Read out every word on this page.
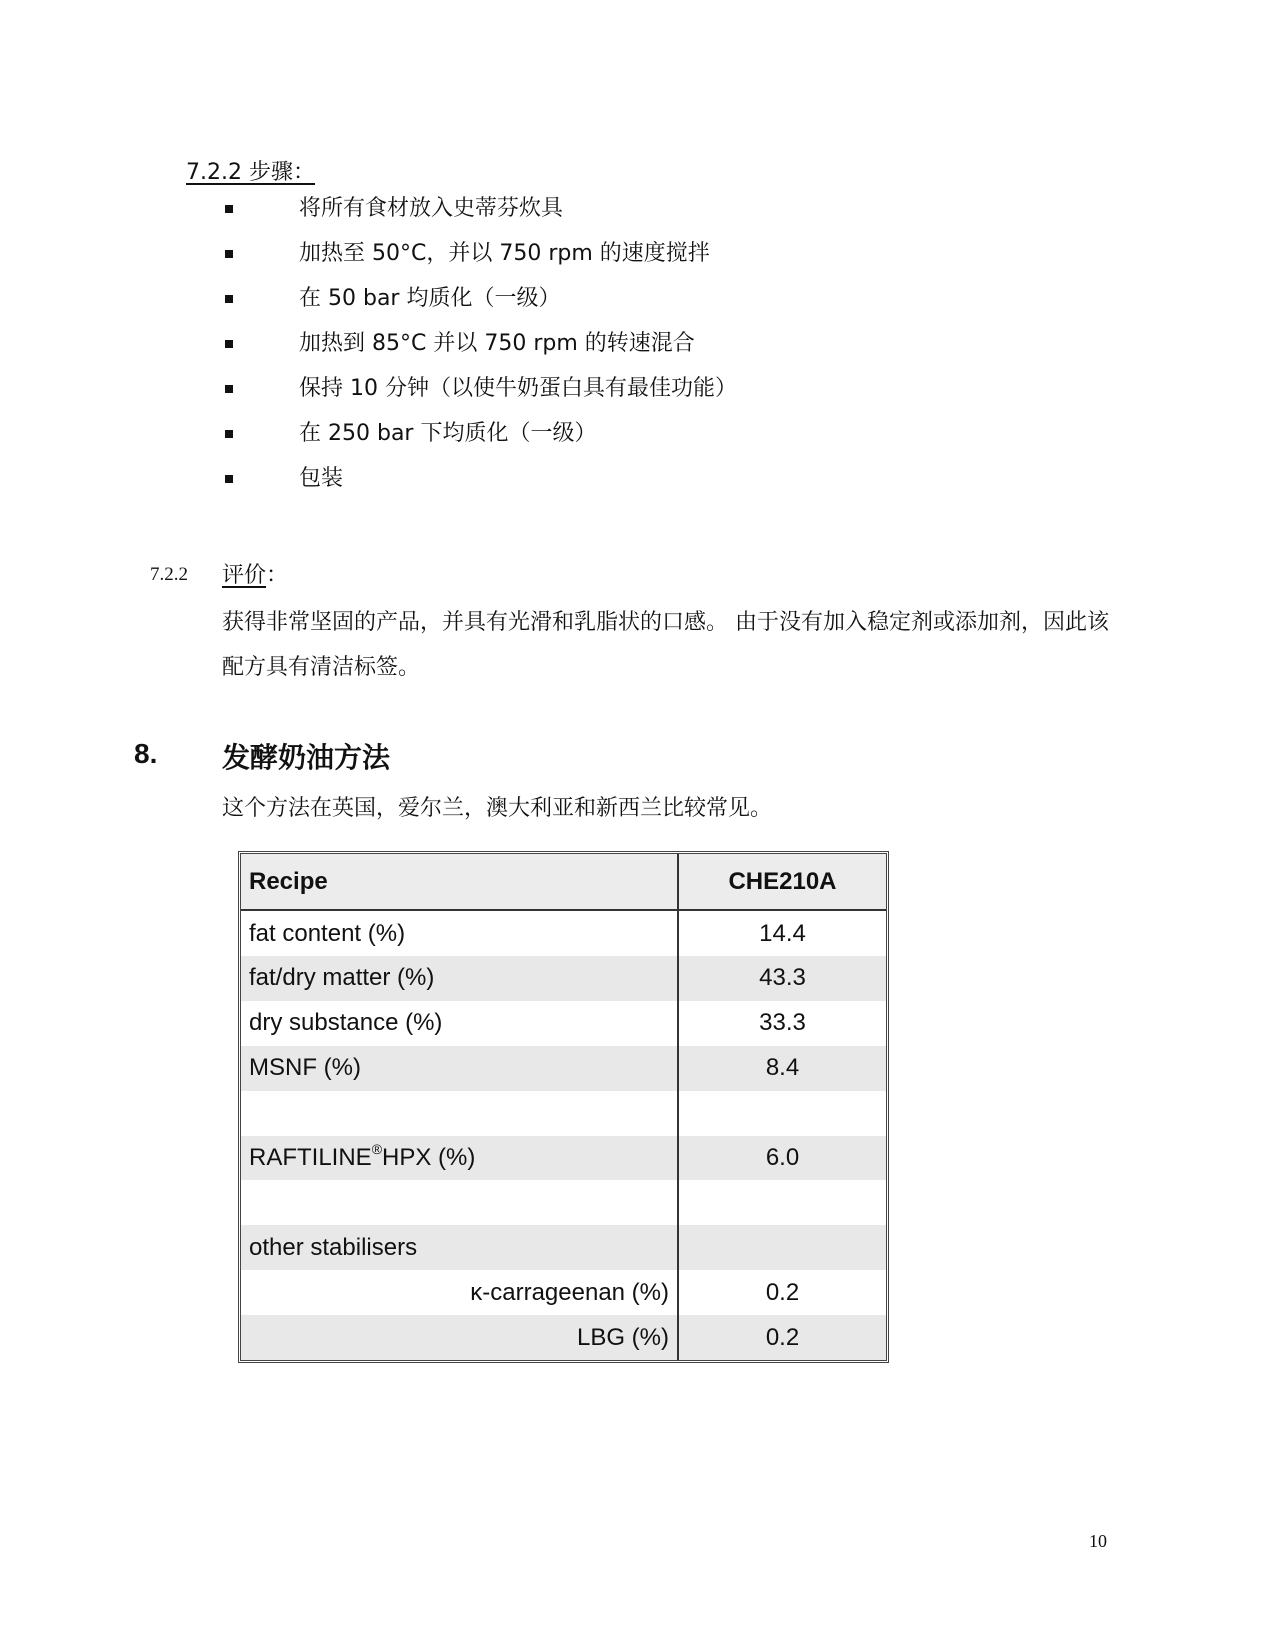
7.2.2 步骤：
将所有食材放入史蒂芬炊具
加热至 50°C，并以 750 rpm 的速度搅拌
在 50 bar 均质化（一级）
加热到 85°C 并以 750 rpm 的转速混合
保持 10 分钟（以使牛奶蛋白具有最佳功能）
在 250 bar 下均质化（一级）
包装
7.2.2 评价：
获得非常坚固的产品，并具有光滑和乳脂状的口感。 由于没有加入稳定剂或添加剂，因此该配方具有清洁标签。
8. 发酵奶油方法
这个方法在英国，爱尔兰，澳大利亚和新西兰比较常见。
Recipe	CHE210A
fat content (%)	14.4
fat/dry matter (%)	43.3
dry substance (%)	33.3
MSNF (%)	8.4

RAFTILINE®HPX (%)	6.0

other stabilisers	
κ-carrageenan (%)	0.2
LBG (%)	0.2
10
